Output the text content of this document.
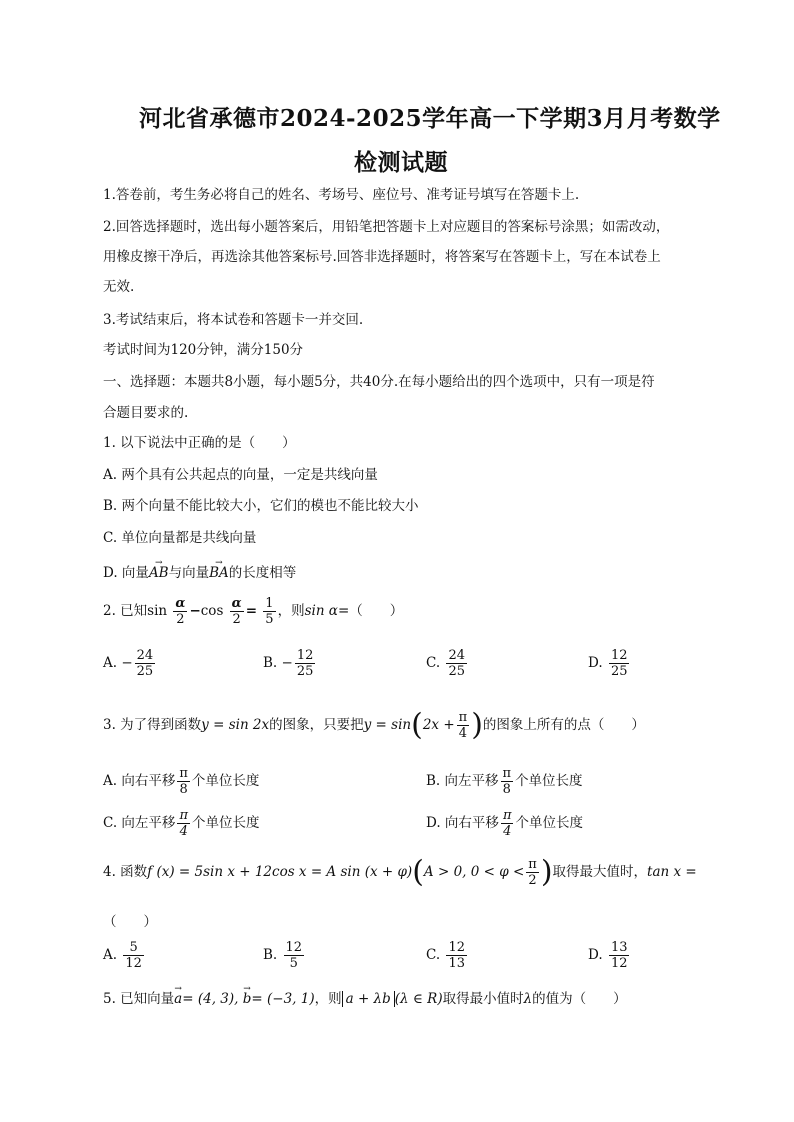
河北省承德市2024-2025学年高一下学期3月月考数学
检测试题
1.答卷前，考生务必将自己的姓名、考场号、座位号、准考证号填写在答题卡上.
2.回答选择题时，选出每小题答案后，用铅笔把答题卡上对应题目的答案标号涂黑；如需改动，
用橡皮擦干净后，再选涂其他答案标号.回答非选择题时，将答案写在答题卡上，写在本试卷上
无效.
3.考试结束后，将本试卷和答题卡一并交回.
考试时间为120分钟，满分150分
一、选择题：本题共8小题，每小题5分，共40分.在每小题给出的四个选项中，只有一项是符
合题目要求的.
1. 以下说法中正确的是（　　）
A. 两个具有公共起点的向量，一定是共线向量
B. 两个向量不能比较大小，它们的模也不能比较大小
C. 单位向量都是共线向量
D. 向量→ AB与向量→ BA的长度相等
2. 已知$\sin \frac{\alpha}{2} -\cos \frac{\alpha}{2} = \frac{1}{5}$ ，则sin α=（　　）
A. − $\frac{24}{25}$	B. − $\frac{12}{25}$	C. $\frac{24}{25}$	D. $\frac{12}{25}$
3. 为了得到函数y = sin 2x的图象，只要把$y = \sin(2x + \frac{\pi}{4}$ )的图象上所有的点（　　）
A. 向右平移 $\frac{\pi}{8}$ 个单位长度	B. 向左平移 $\frac{\pi}{8}$ 个单位长度
C. 向左平移 $\frac{\pi}{4}$ 个单位长度	D. 向右平移 $\frac{\pi}{4}$ 个单位长度
4. 函数f (x) = 5sin x + 12cos x = A sin (x + φ)(A > 0, $0 < \varphi < \frac{\pi}{2}$ )取得最大值时，tan x =
（　　）
A. $\frac{5}{12}$	B. $\frac{12}{5}$	C. $\frac{12}{13}$	D. $\frac{13}{12}$
5. 已知向量→ a= (4, 3), → b= (−3, 1)，则 a + λb (λ ∈ R)取得最小值时λ的值为（　　）
